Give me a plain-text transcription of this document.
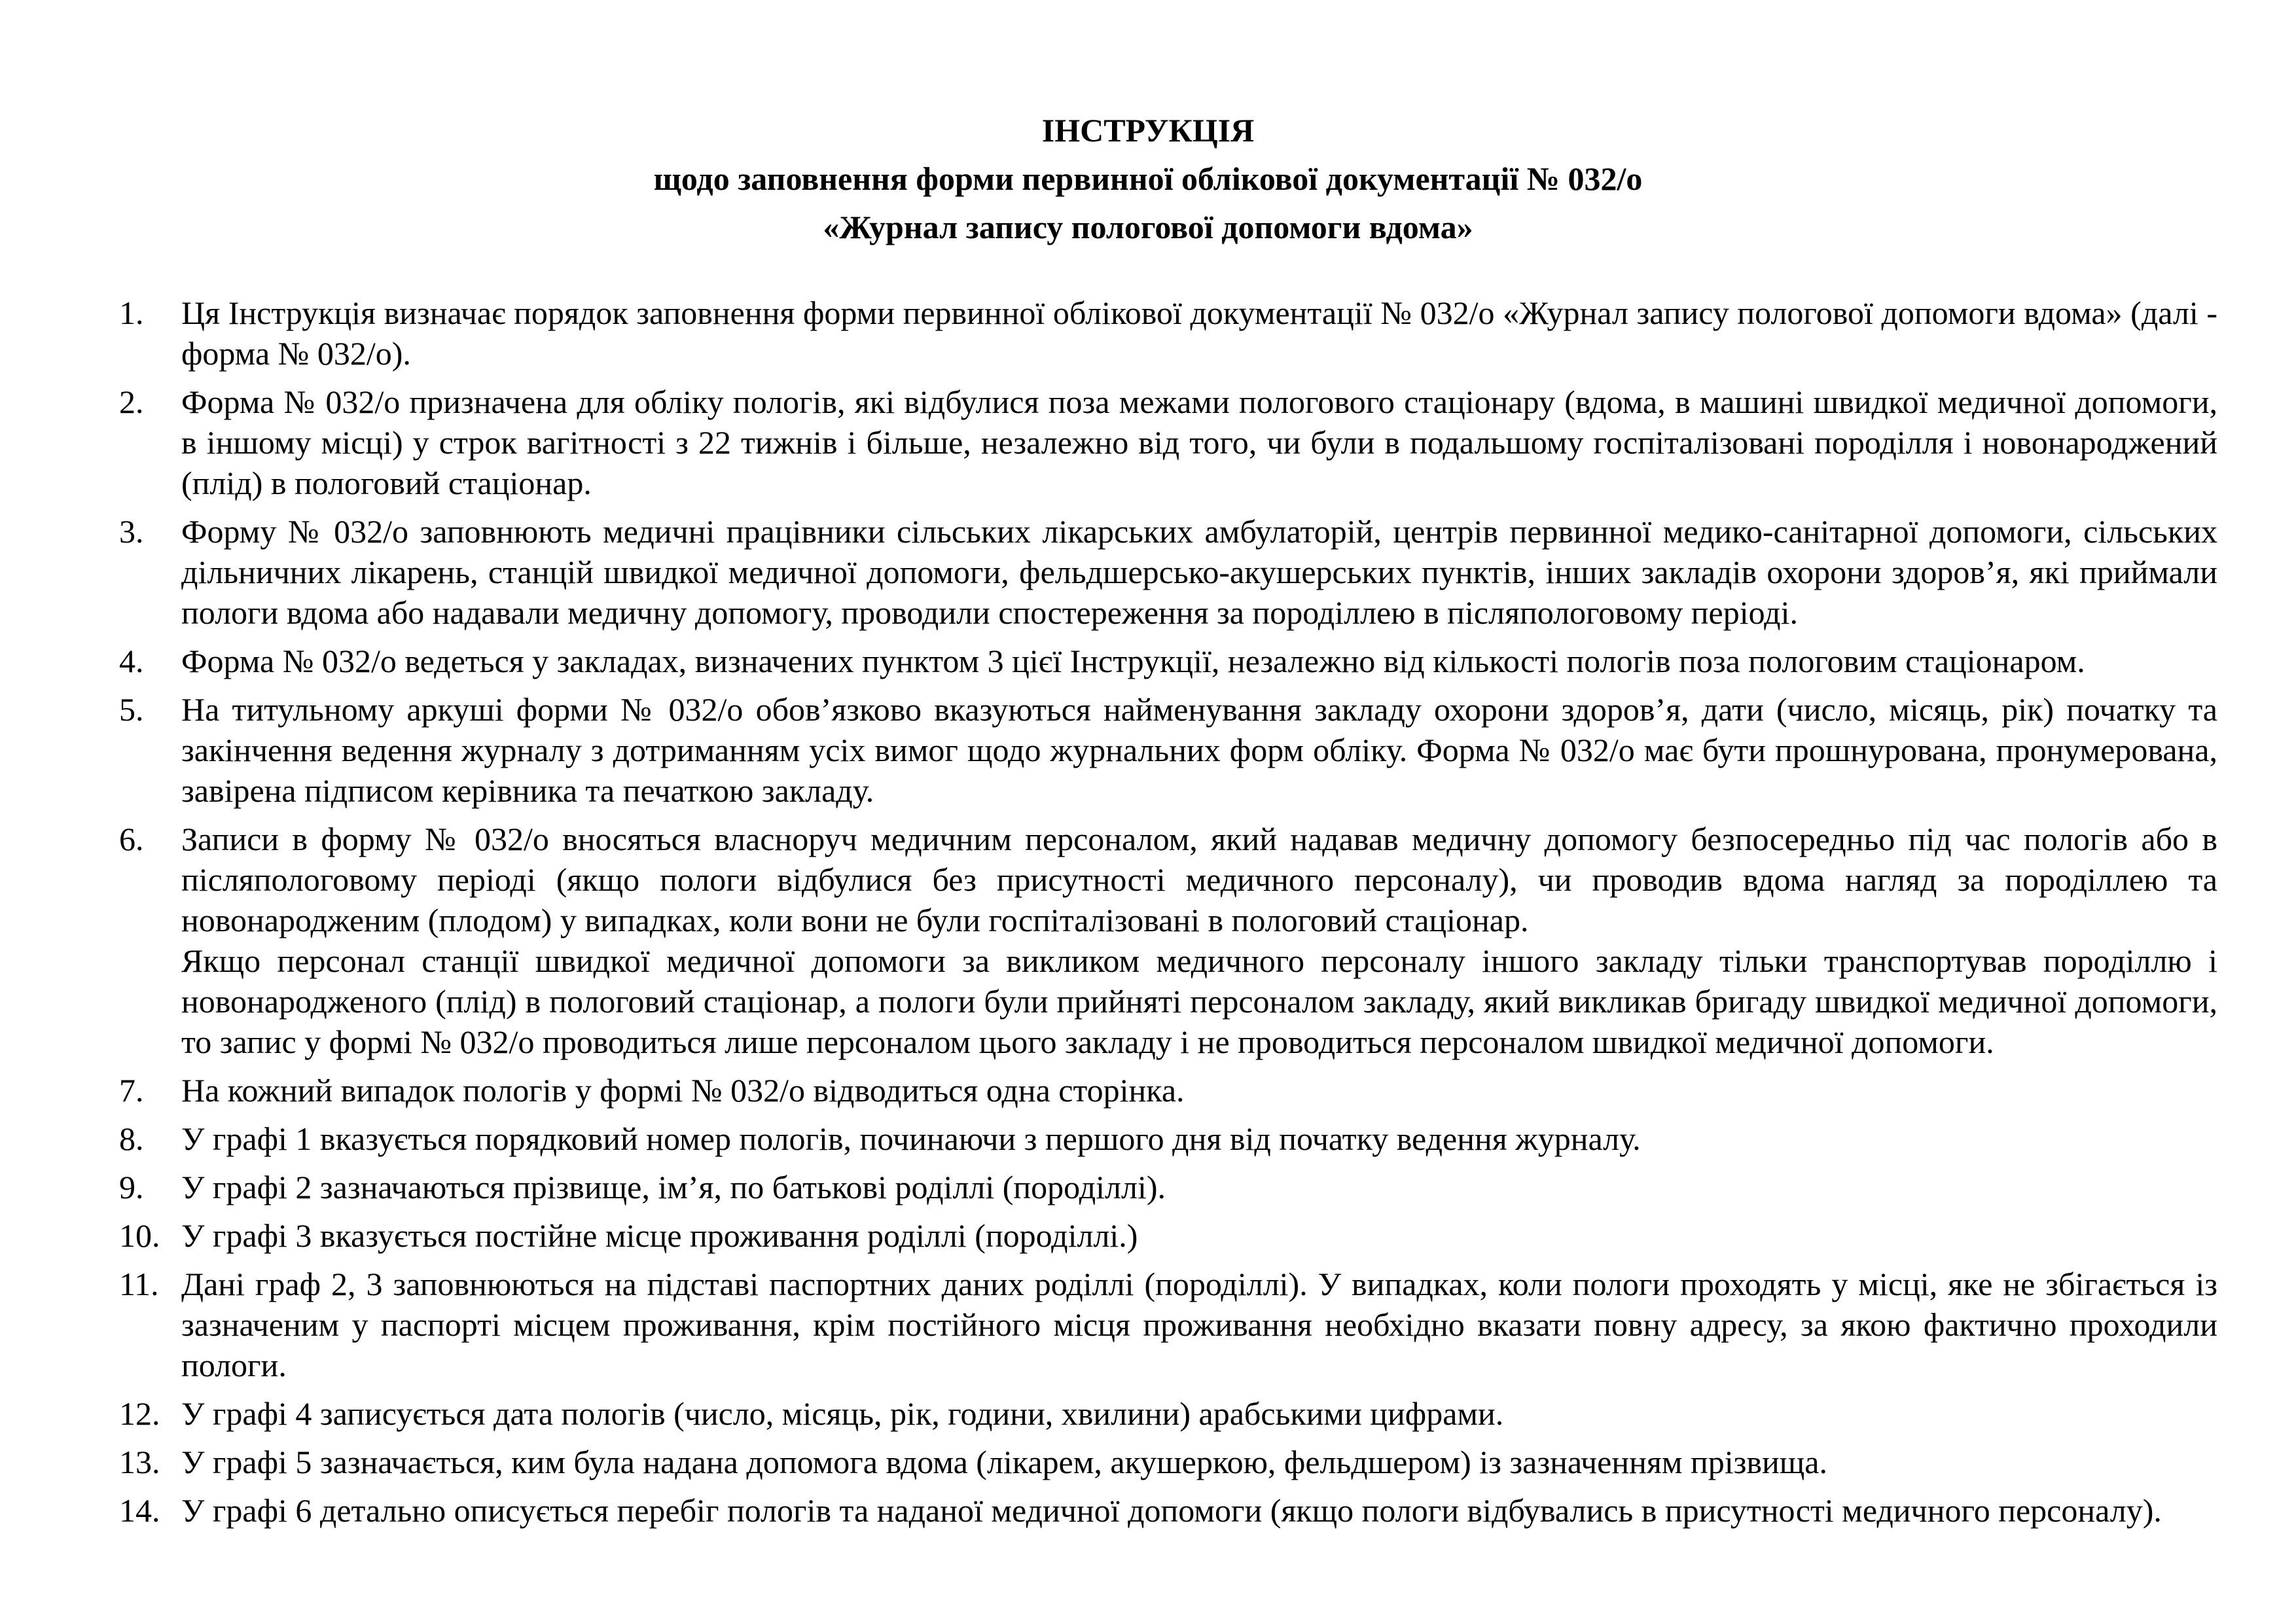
ІНСТРУКЦІЯ
щодо заповнення форми первинної облікової документації № 032/о
«Журнал запису пологової допомоги вдома»
1.	Ця Інструкція визначає порядок заповнення форми первинної облікової документації № 032/о «Журнал запису пологової допомоги вдома» (далі - форма № 032/о).

2.	Форма № 032/о призначена для обліку пологів, які відбулися поза межами пологового стаціонару (вдома, в машині швидкої медичної допомоги, в іншому місці) у строк вагітності з 22 тижнів і більше, незалежно від того, чи були в подальшому госпіталізовані породілля і новонароджений (плід) в пологовий стаціонар.

3.	Форму № 032/о заповнюють медичні працівники сільських лікарських амбулаторій, центрів первинної медико-санітарної допомоги, сільських дільничних лікарень, станцій швидкої медичної допомоги, фельдшерсько-акушерських пунктів, інших закладів охорони здоров’я, які приймали пологи вдома або надавали медичну допомогу, проводили спостереження за породіллею в післяпологовому періоді.

4.	Форма № 032/о ведеться у закладах, визначених пунктом 3 цієї Інструкції, незалежно від кількості пологів поза пологовим стаціонаром.

5.	На титульному аркуші форми № 032/о обов’язково вказуються найменування закладу охорони здоров’я, дати (число, місяць, рік) початку та закінчення ведення журналу з дотриманням усіх вимог щодо журнальних форм обліку. Форма № 032/о має бути прошнурована, пронумерована, завірена підписом керівника та печаткою закладу.

6.	Записи в форму № 032/о вносяться власноруч медичним персоналом, який надавав медичну допомогу безпосередньо під час пологів або в післяпологовому періоді (якщо пологи відбулися без присутності медичного персоналу), чи проводив вдома нагляд за породіллею та новонародженим (плодом) у випадках, коли вони не були госпіталізовані в пологовий стаціонар.

Якщо персонал станції швидкої медичної допомоги за викликом медичного персоналу іншого закладу тільки транспортував породіллю і новонародженого (плід) в пологовий стаціонар, а пологи були прийняті персоналом закладу, який викликав бригаду швидкої медичної допомоги, то запис у формі № 032/о проводиться лише персоналом цього закладу і не проводиться персоналом швидкої медичної допомоги.

7.	На кожний випадок пологів у формі № 032/о відводиться одна сторінка.

8.	У графі 1 вказується порядковий номер пологів, починаючи з першого дня від початку ведення журналу.

9.	У графі 2 зазначаються прізвище, ім’я, по батькові роділлі (породіллі).

10. У графі 3 вказується постійне місце проживання роділлі (породіллі.)

11. Дані граф 2, 3 заповнюються на підставі паспортних даних роділлі (породіллі). У випадках, коли пологи проходять у місці, яке не збігається із зазначеним у паспорті місцем проживання, крім постійного місця проживання необхідно вказати повну адресу, за якою фактично проходили пологи.

12. У графі 4 записується дата пологів (число, місяць, рік, години, хвилини) арабськими цифрами.

13. У графі 5 зазначається, ким була надана допомога вдома (лікарем, акушеркою, фельдшером) із зазначенням прізвища.

14. У графі 6 детально описується перебіг пологів та наданої медичної допомоги (якщо пологи відбувались в присутності медичного персоналу).
